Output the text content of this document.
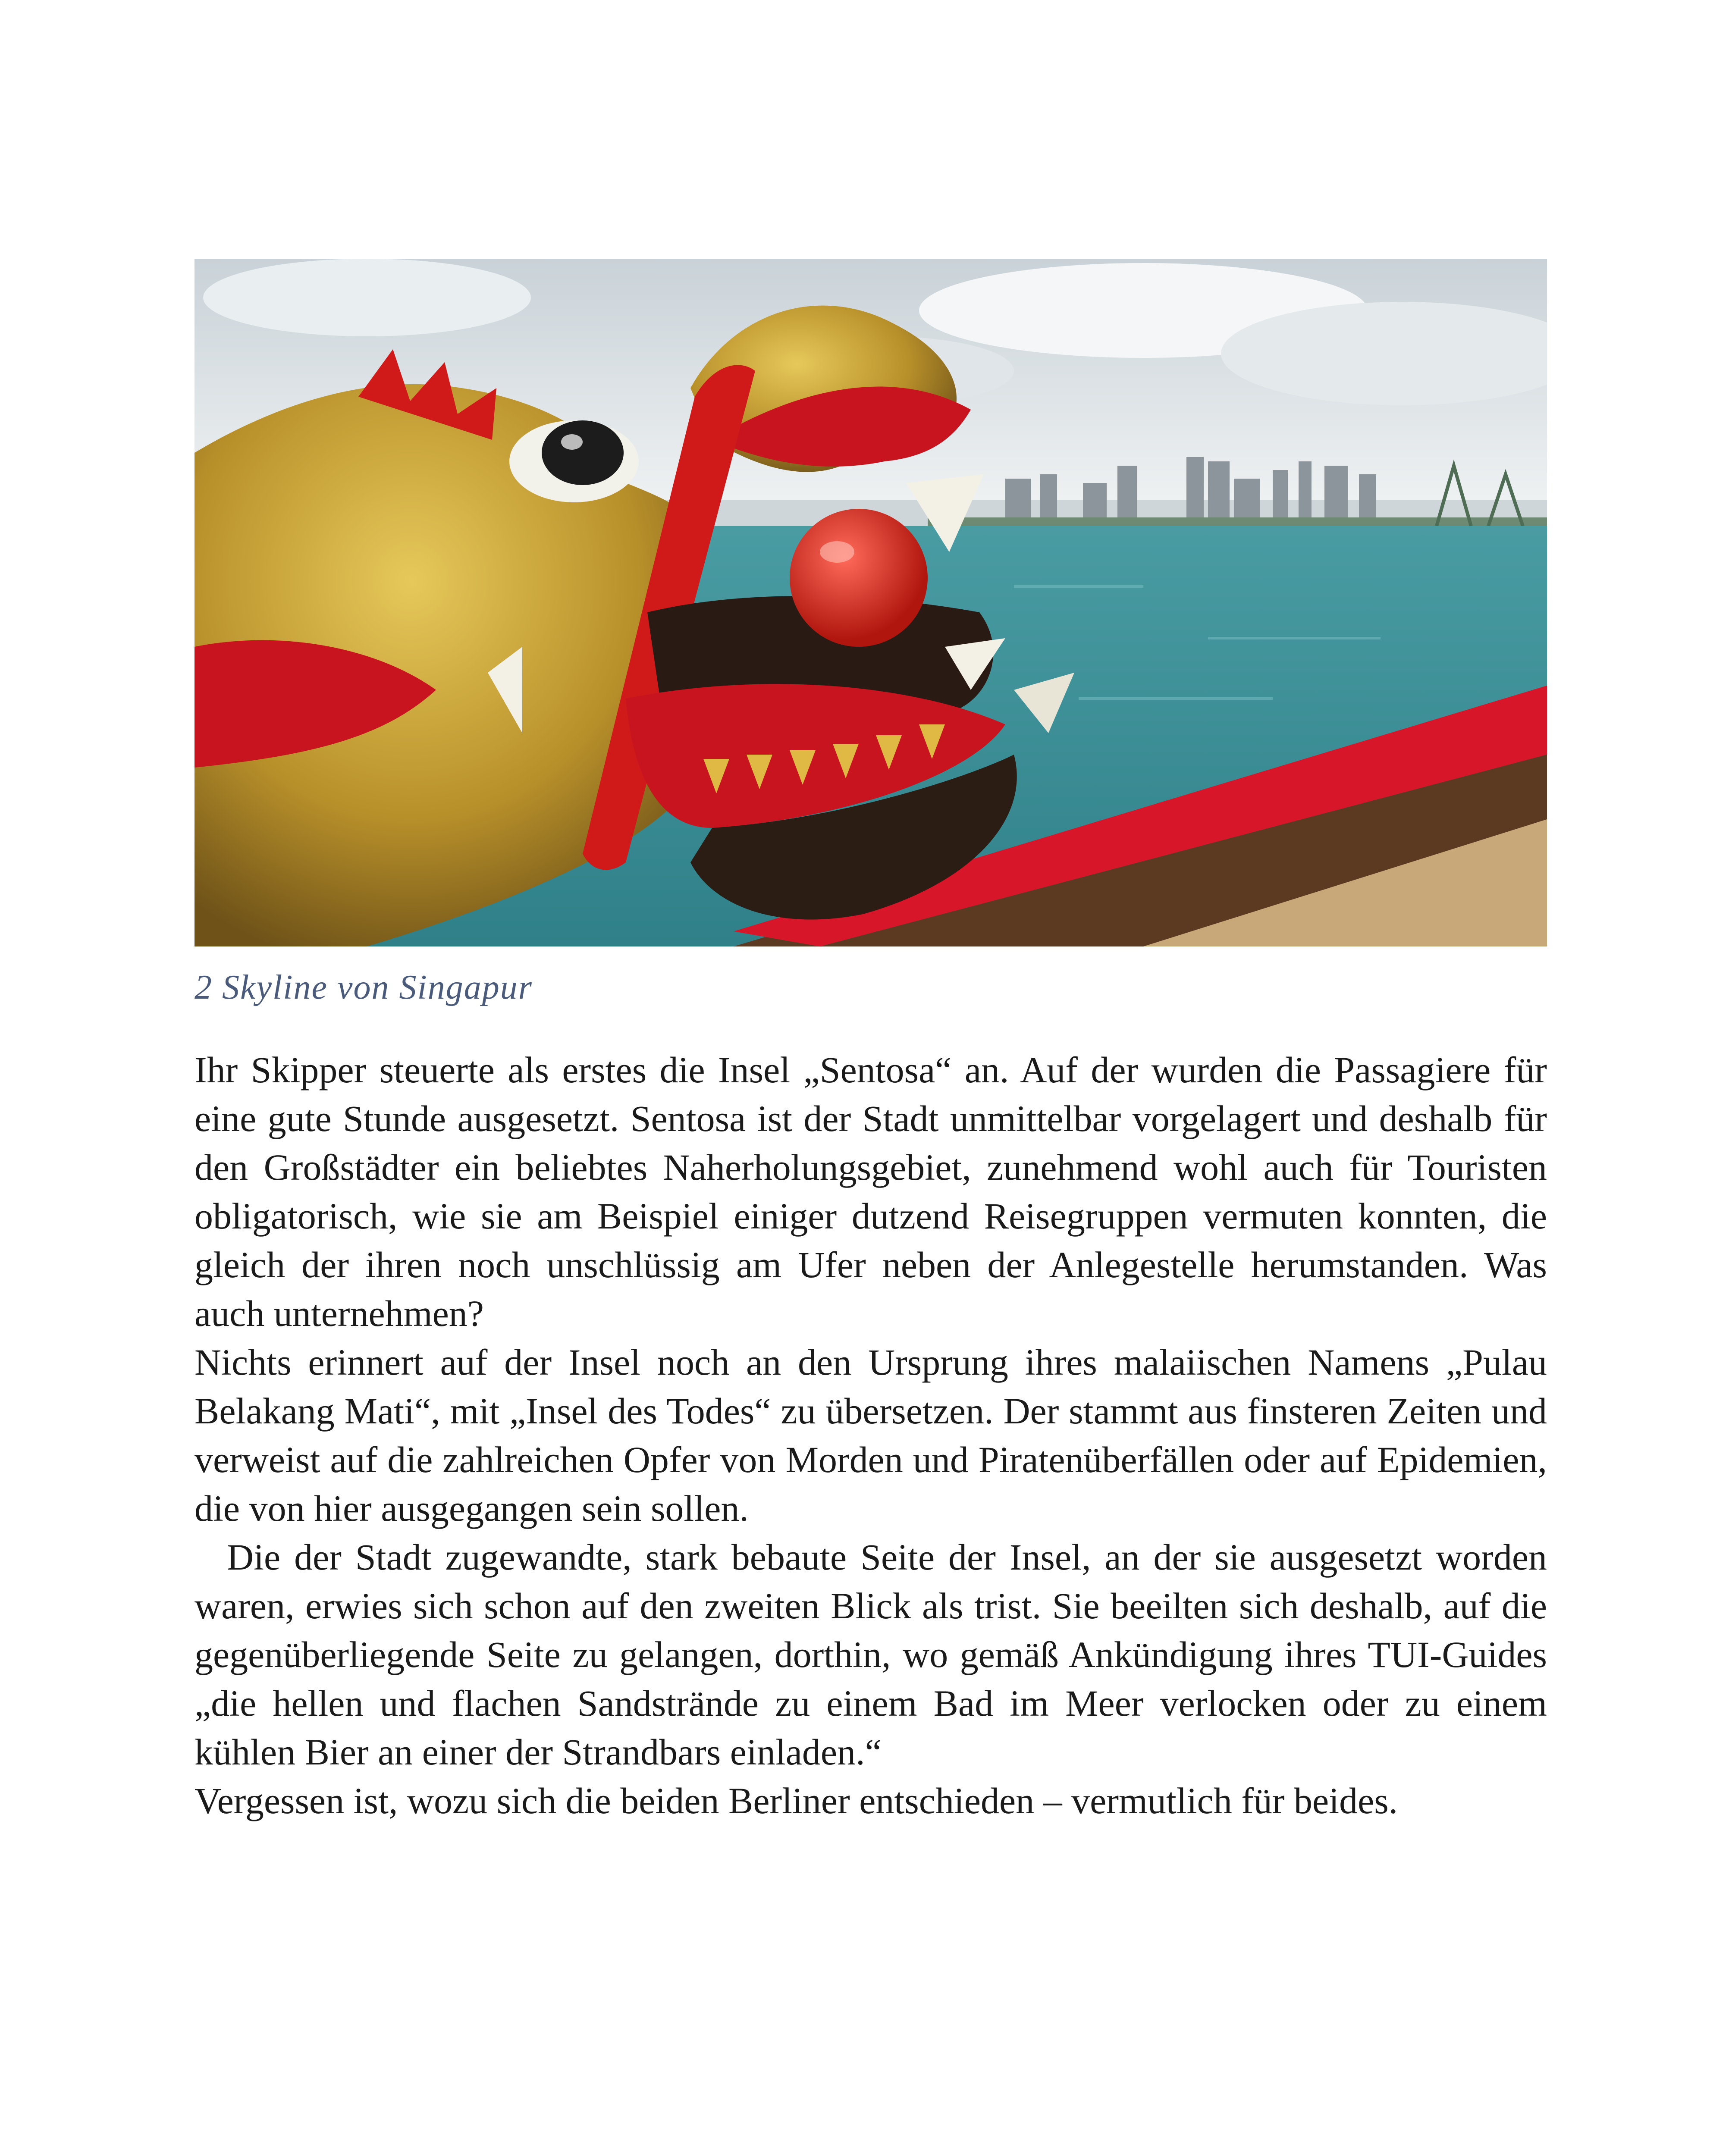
2 Skyline von Singapur

Ihr Skipper steuerte als erstes die Insel „Sentosa“ an. Auf der wurden die Passagiere für eine gute Stunde ausgesetzt. Sentosa ist der Stadt unmittelbar vorgelagert und deshalb für den Großstädter ein beliebtes Naherholungsgebiet, zunehmend wohl auch für Touristen obligatorisch, wie sie am Beispiel einiger dutzend Reisegruppen vermuten konnten, die gleich der ihren noch unschlüssig am Ufer neben der Anlegestelle herumstanden. Was auch unternehmen?

Nichts erinnert auf der Insel noch an den Ursprung ihres malaiischen Namens „Pulau Belakang Mati“, mit „Insel des Todes“ zu übersetzen. Der stammt aus finsteren Zeiten und verweist auf die zahlreichen Opfer von Morden und Piratenüberfällen oder auf Epidemien, die von hier ausgegangen sein sollen.

Die der Stadt zugewandte, stark bebaute Seite der Insel, an der sie ausgesetzt worden waren, erwies sich schon auf den zweiten Blick als trist. Sie beeilten sich deshalb, auf die gegenüberliegende Seite zu gelangen, dorthin, wo gemäß Ankündigung ihres TUI-Guides „die hellen und flachen Sandstrände zu einem Bad im Meer verlocken oder zu einem kühlen Bier an einer der Strandbars einladen.“

Vergessen ist, wozu sich die beiden Berliner entschieden – vermutlich für beides.
